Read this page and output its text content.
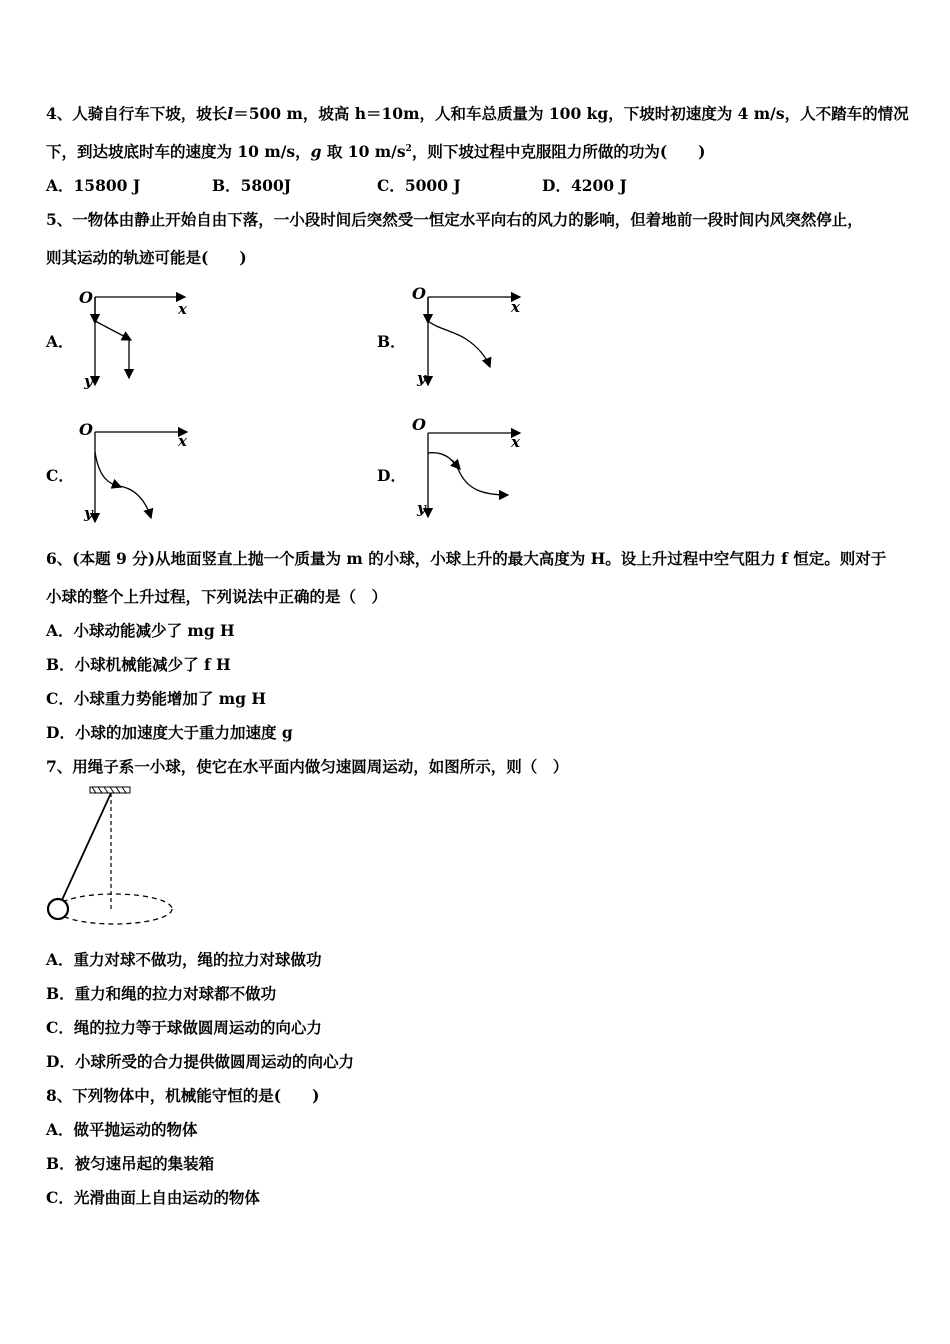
4、人骑自行车下坡，坡长l＝500 m，坡高 h＝10m，人和车总质量为 100 kg，下坡时初速度为 4 m/s，人不踏车的情况
下，到达坡底时车的速度为 10 m/s，g 取 10 $m/s^2$，则下坡过程中克服阻力所做的功为(　　)
A．15800 J	B．5800J	C．5000 J	D．4200 J
5、一物体由静止开始自由下落，一小段时间后突然受一恒定水平向右的风力的影响，但着地前一段时间内风突然停止，
则其运动的轨迹可能是(　　)
A．	B．
C．	D．
O
x
y
O
x
y
O
x
y
O
x
y
6、(本题 9 分)从地面竖直上抛一个质量为 m 的小球，小球上升的最大高度为 H。设上升过程中空气阻力 f 恒定。则对于
小球的整个上升过程，下列说法中正确的是（　）
A．小球动能减少了 mg H
B．小球机械能减少了 f H
C．小球重力势能增加了 mg H
D．小球的加速度大于重力加速度 g
7、用绳子系一小球，使它在水平面内做匀速圆周运动，如图所示，则（　）
A．重力对球不做功，绳的拉力对球做功
B．重力和绳的拉力对球都不做功
C．绳的拉力等于球做圆周运动的向心力
D．小球所受的合力提供做圆周运动的向心力
8、下列物体中，机械能守恒的是(　　)
A．做平抛运动的物体
B．被匀速吊起的集装箱
C．光滑曲面上自由运动的物体
